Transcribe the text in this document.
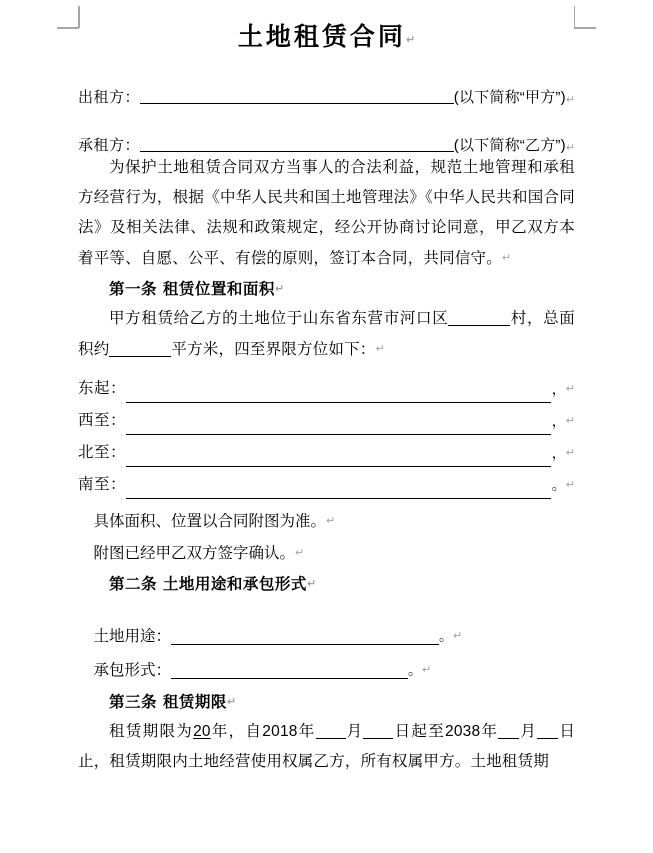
土地租赁合同↵
出租方：	(以下简称“甲方”) ↵
承租方：	(以下简称“乙方”) ↵

为保护土地租赁合同双方当事人的合法利益，规范土地管理和承租方经营行为，根据《中华人民共和国土地管理法》《中华人民共和国合同法》及相关法律、法规和政策规定，经公开协商讨论同意，甲乙双方本着平等、自愿、公平、有偿的原则，签订本合同，共同信守。↵

第一条 租赁位置和面积↵

甲方租赁给乙方的土地位于山东省东营市河口区	村，总面积约	平方米，四至界限方位如下：↵

东起：	， ↵
西至：	， ↵
北至：	， ↵
南至：	。 ↵
具体面积、位置以合同附图为准。↵
附图已经甲乙双方签字确认。↵
第二条 土地用途和承包形式↵
土地用途：	。↵
承包形式：	。↵
第三条 租赁期限↵

租赁期限为20年，自2018年 月 日起至2038年 月 日止，租赁期限内土地经营使用权属乙方，所有权属甲方。土地租赁期
